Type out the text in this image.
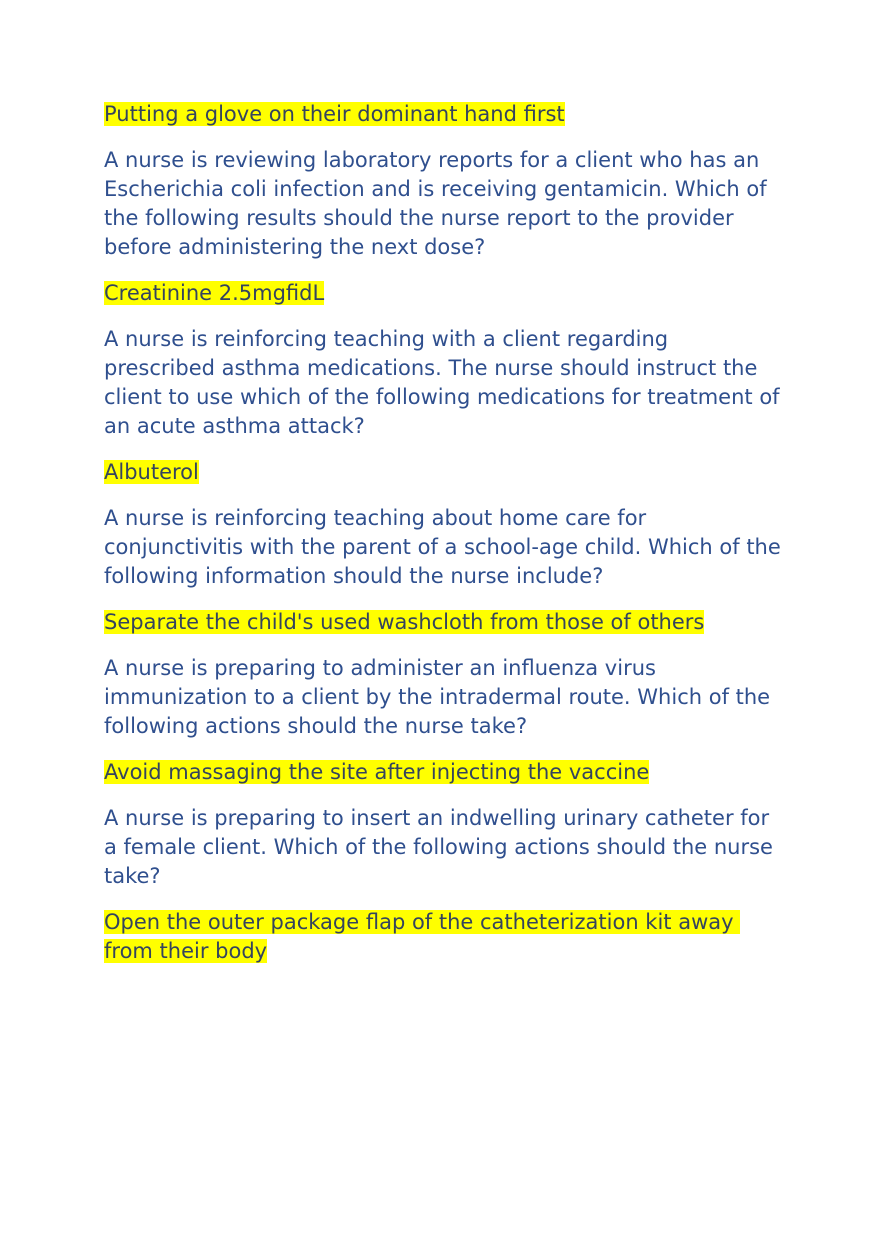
Putting a glove on their dominant hand first

A nurse is reviewing laboratory reports for a client who has an Escherichia coli infection and is receiving gentamicin. Which of the following results should the nurse report to the provider before administering the next dose?

Creatinine 2.5mgfidL

A nurse is reinforcing teaching with a client regarding prescribed asthma medications. The nurse should instruct the client to use which of the following medications for treatment of an acute asthma attack?

Albuterol

A nurse is reinforcing teaching about home care for conjunctivitis with the parent of a school-age child. Which of the following information should the nurse include?

Separate the child's used washcloth from those of others

A nurse is preparing to administer an influenza virus immunization to a client by the intradermal route. Which of the following actions should the nurse take?

Avoid massaging the site after injecting the vaccine

A nurse is preparing to insert an indwelling urinary catheter for a female client. Which of the following actions should the nurse take?

Open the outer package flap of the catheterization kit away from their body
